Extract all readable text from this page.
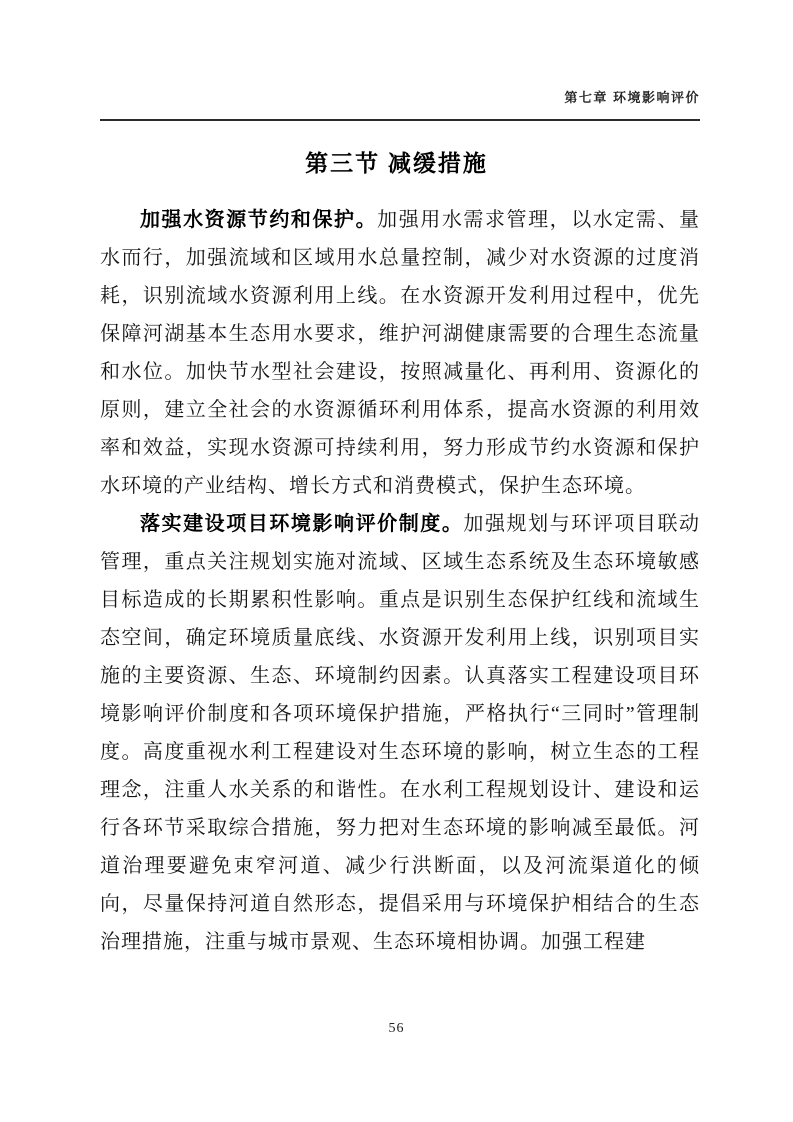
第七章 环境影响评价
第三节 减缓措施

加强水资源节约和保护。加强用水需求管理，以水定需、量水而行，加强流域和区域用水总量控制，减少对水资源的过度消耗，识别流域水资源利用上线。在水资源开发利用过程中，优先保障河湖基本生态用水要求，维护河湖健康需要的合理生态流量和水位。加快节水型社会建设，按照减量化、再利用、资源化的原则，建立全社会的水资源循环利用体系，提高水资源的利用效率和效益，实现水资源可持续利用，努力形成节约水资源和保护水环境的产业结构、增长方式和消费模式，保护生态环境。

落实建设项目环境影响评价制度。加强规划与环评项目联动管理，重点关注规划实施对流域、区域生态系统及生态环境敏感目标造成的长期累积性影响。重点是识别生态保护红线和流域生态空间，确定环境质量底线、水资源开发利用上线，识别项目实施的主要资源、生态、环境制约因素。认真落实工程建设项目环境影响评价制度和各项环境保护措施，严格执行“三同时”管理制度。高度重视水利工程建设对生态环境的影响，树立生态的工程理念，注重人水关系的和谐性。在水利工程规划设计、建设和运行各环节采取综合措施，努力把对生态环境的影响减至最低。河道治理要避免束窄河道、减少行洪断面，以及河流渠道化的倾向，尽量保持河道自然形态，提倡采用与环境保护相结合的生态治理措施，注重与城市景观、生态环境相协调。加强工程建

56
